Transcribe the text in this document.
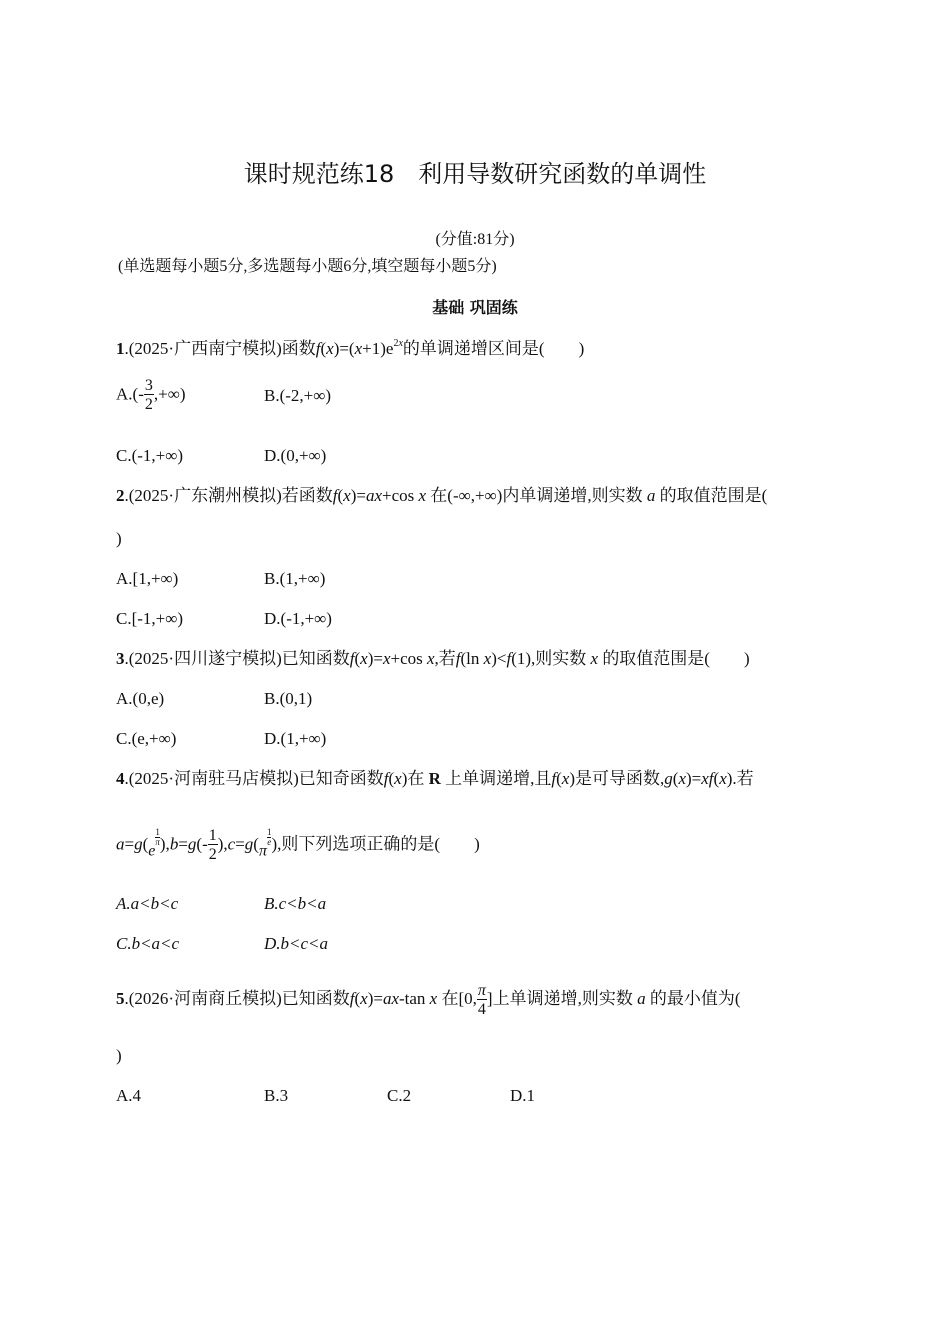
课时规范练18　利用导数研究函数的单调性
(分值:81分)
(单选题每小题5分,多选题每小题6分,填空题每小题5分)
基础 巩固练
1.(2025·广西南宁模拟)函数$f(x)=(x+1)e^{2x}$的单调递增区间是(　　)
$A.(- \frac{3}{2}$ ,+∞)	B.(-2,+∞)
C.(-1,+∞)	D.(0,+∞)
2.(2025·广东潮州模拟)若函数f(x)=ax+cos x 在(-∞,+∞)内单调递增,则实数 a 的取值范围是(
)
A.[1,+∞)	B.(1,+∞)
C.[-1,+∞)	D.(-1,+∞)
3.(2025·四川遂宁模拟)已知函数f(x)=x+cos x,若f(ln x)<f(1),则实数 x 的取值范围是(　　)
A.(0,e)	B.(0,1)
C.(e,+∞)	D.(1,+∞)
4.(2025·河南驻马店模拟)已知奇函数f(x)在 R 上单调递增,且f(x)是可导函数,g(x)=xf(x).若
$a=g(e\frac{1}{\pi} ),b=g(- \frac{1}{2} ),c=g(\pi\frac{1}{e}$ ),则下列选项正确的是(　　)
A.a<b<c	B.c<b<a
C.b<a<c	D.b<c<a
5.(2026·河南商丘模拟)已知函数f(x)=ax-tan x 在[0, $\frac{\pi}{4}$ ]上单调递增,则实数 a 的最小值为(
)
A.4	B.3	C.2	D.1
